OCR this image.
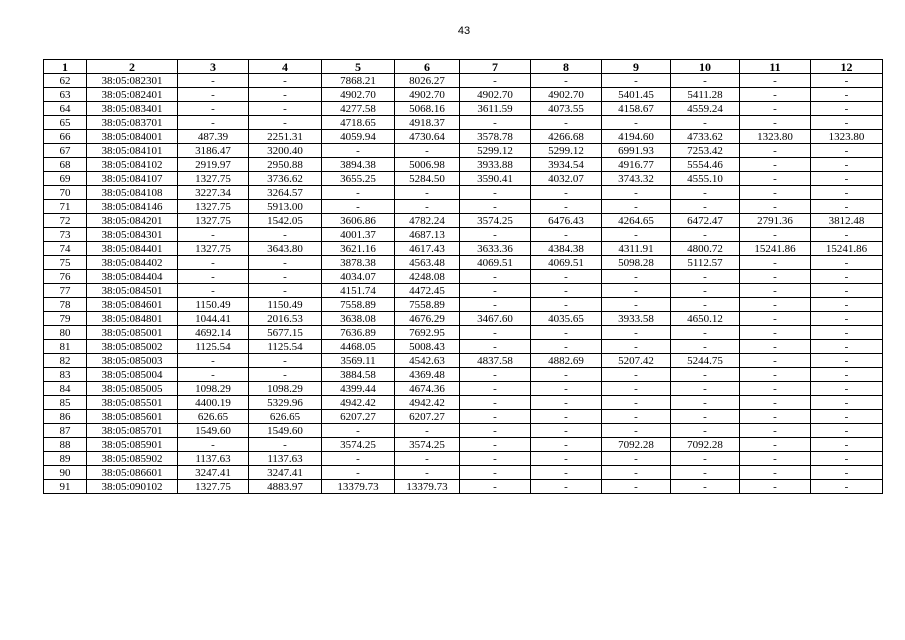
43
1	2	3	4	5	6	7	8	9	10	11	12
62	38:05:082301	-	-	7868.21	8026.27	-	-	-	-	-	-
63	38:05:082401	-	-	4902.70	4902.70	4902.70	4902.70	5401.45	5411.28	-	-
64	38:05:083401	-	-	4277.58	5068.16	3611.59	4073.55	4158.67	4559.24	-	-
65	38:05:083701	-	-	4718.65	4918.37	-	-	-	-	-	-
66	38:05:084001	487.39	2251.31	4059.94	4730.64	3578.78	4266.68	4194.60	4733.62	1323.80	1323.80
67	38:05:084101	3186.47	3200.40	-	-	5299.12	5299.12	6991.93	7253.42	-	-
68	38:05:084102	2919.97	2950.88	3894.38	5006.98	3933.88	3934.54	4916.77	5554.46	-	-
69	38:05:084107	1327.75	3736.62	3655.25	5284.50	3590.41	4032.07	3743.32	4555.10	-	-
70	38:05:084108	3227.34	3264.57	-	-	-	-	-	-	-	-
71	38:05:084146	1327.75	5913.00	-	-	-	-	-	-	-	-
72	38:05:084201	1327.75	1542.05	3606.86	4782.24	3574.25	6476.43	4264.65	6472.47	2791.36	3812.48
73	38:05:084301	-	-	4001.37	4687.13	-	-	-	-	-	-
74	38:05:084401	1327.75	3643.80	3621.16	4617.43	3633.36	4384.38	4311.91	4800.72	15241.86	15241.86
75	38:05:084402	-	-	3878.38	4563.48	4069.51	4069.51	5098.28	5112.57	-	-
76	38:05:084404	-	-	4034.07	4248.08	-	-	-	-	-	-
77	38:05:084501	-	-	4151.74	4472.45	-	-	-	-	-	-
78	38:05:084601	1150.49	1150.49	7558.89	7558.89	-	-	-	-	-	-
79	38:05:084801	1044.41	2016.53	3638.08	4676.29	3467.60	4035.65	3933.58	4650.12	-	-
80	38:05:085001	4692.14	5677.15	7636.89	7692.95	-	-	-	-	-	-
81	38:05:085002	1125.54	1125.54	4468.05	5008.43	-	-	-	-	-	-
82	38:05:085003	-	-	3569.11	4542.63	4837.58	4882.69	5207.42	5244.75	-	-
83	38:05:085004	-	-	3884.58	4369.48	-	-	-	-	-	-
84	38:05:085005	1098.29	1098.29	4399.44	4674.36	-	-	-	-	-	-
85	38:05:085501	4400.19	5329.96	4942.42	4942.42	-	-	-	-	-	-
86	38:05:085601	626.65	626.65	6207.27	6207.27	-	-	-	-	-	-
87	38:05:085701	1549.60	1549.60	-	-	-	-	-	-	-	-
88	38:05:085901	-	-	3574.25	3574.25	-	-	7092.28	7092.28	-	-
89	38:05:085902	1137.63	1137.63	-	-	-	-	-	-	-	-
90	38:05:086601	3247.41	3247.41	-	-	-	-	-	-	-	-
91	38:05:090102	1327.75	4883.97	13379.73	13379.73	-	-	-	-	-	-
